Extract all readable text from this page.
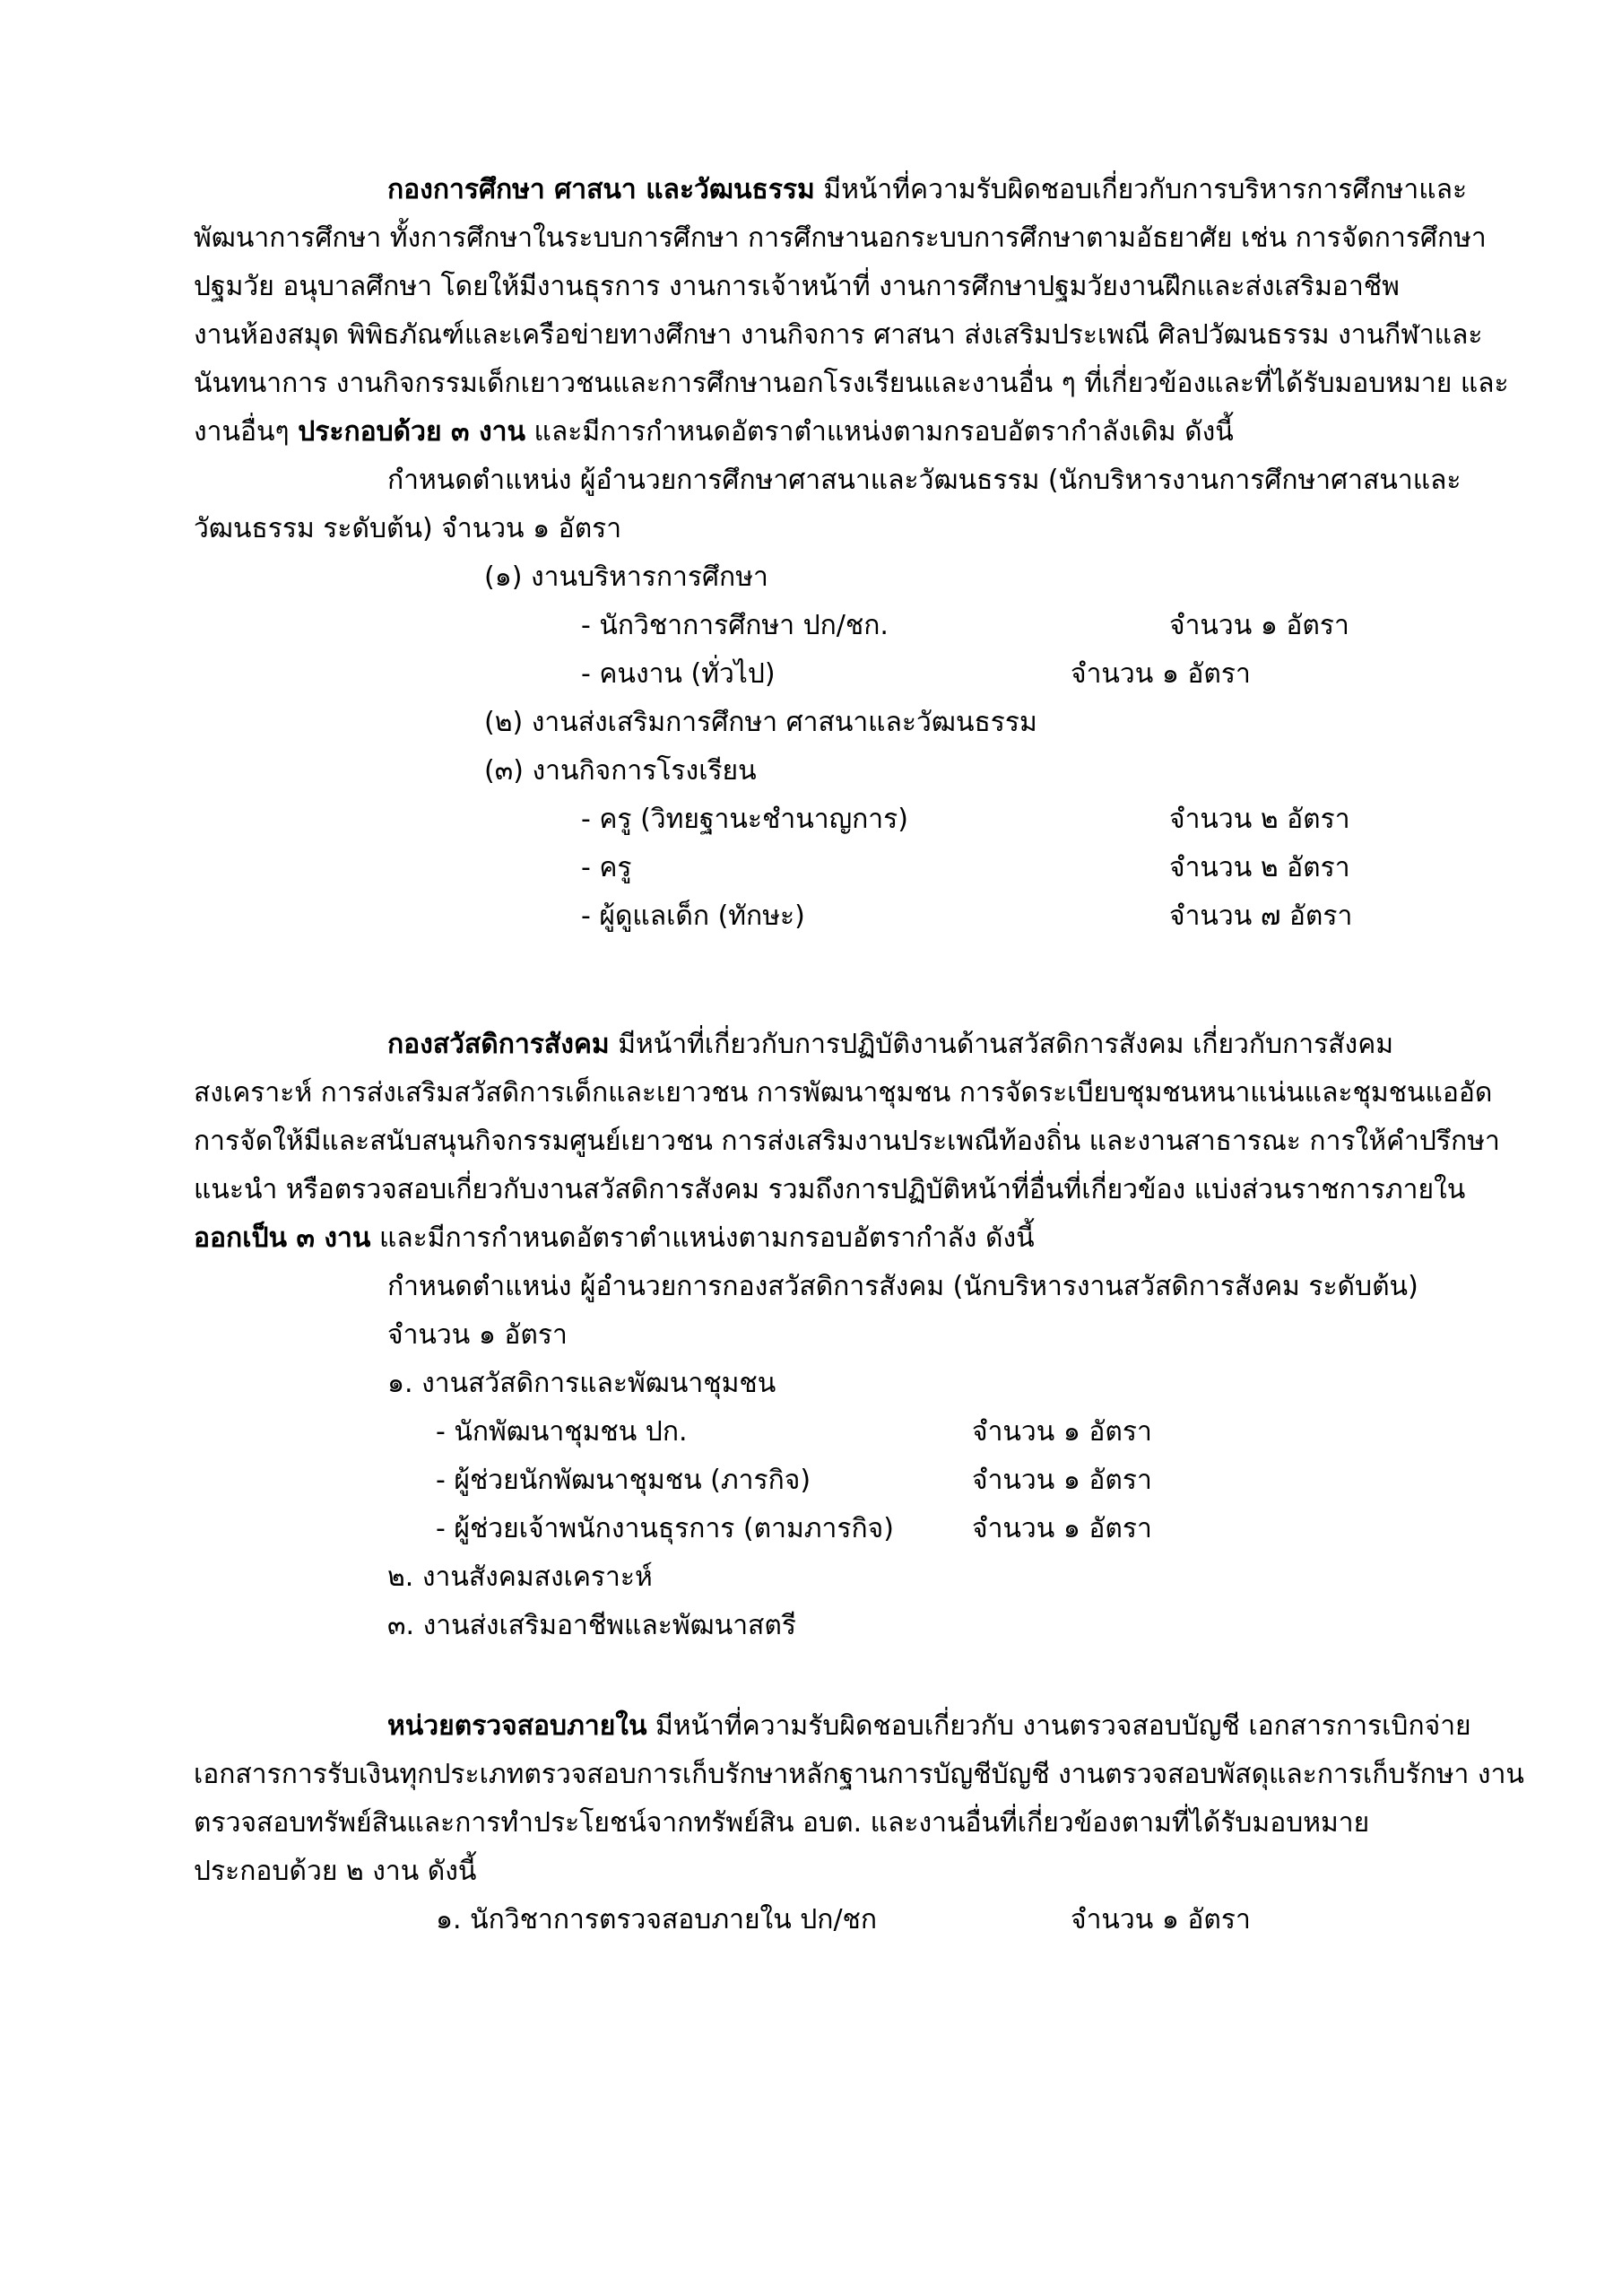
กองการศึกษา ศาสนา และวัฒนธรรม มีหน้าที่ความรับผิดชอบเกี่ยวกับการบริหารการศึกษาและ
พัฒนาการศึกษา ทั้งการศึกษาในระบบการศึกษา การศึกษานอกระบบการศึกษาตามอัธยาศัย เช่น การจัดการศึกษา
ปฐมวัย อนุบาลศึกษา โดยให้มีงานธุรการ งานการเจ้าหน้าที่ งานการศึกษาปฐมวัยงานฝึกและส่งเสริมอาชีพ
งานห้องสมุด พิพิธภัณฑ์และเครือข่ายทางศึกษา งานกิจการ ศาสนา ส่งเสริมประเพณี ศิลปวัฒนธรรม งานกีฬาและ
นันทนาการ งานกิจกรรมเด็กเยาวชนและการศึกษานอกโรงเรียนและงานอื่น ๆ ที่เกี่ยวข้องและที่ได้รับมอบหมาย และ
งานอื่นๆ ประกอบด้วย ๓ งาน และมีการกำหนดอัตราตำแหน่งตามกรอบอัตรากำลังเดิม ดังนี้
กำหนดตำแหน่ง ผู้อำนวยการศึกษาศาสนาและวัฒนธรรม (นักบริหารงานการศึกษาศาสนาและ
วัฒนธรรม ระดับต้น) จำนวน ๑ อัตรา
(๑) งานบริหารการศึกษา
- นักวิชาการศึกษา ปก/ชก.	จำนวน ๑ อัตรา
- คนงาน (ทั่วไป)	จำนวน ๑ อัตรา
(๒) งานส่งเสริมการศึกษา ศาสนาและวัฒนธรรม
(๓) งานกิจการโรงเรียน
- ครู (วิทยฐานะชำนาญการ)	จำนวน ๒ อัตรา
- ครู	จำนวน ๒ อัตรา
- ผู้ดูแลเด็ก (ทักษะ)	จำนวน ๗ อัตรา
กองสวัสดิการสังคม มีหน้าที่เกี่ยวกับการปฏิบัติงานด้านสวัสดิการสังคม เกี่ยวกับการสังคม
สงเคราะห์ การส่งเสริมสวัสดิการเด็กและเยาวชน การพัฒนาชุมชน การจัดระเบียบชุมชนหนาแน่นและชุมชนแออัด
การจัดให้มีและสนับสนุนกิจกรรมศูนย์เยาวชน การส่งเสริมงานประเพณีท้องถิ่น และงานสาธารณะ การให้คำปรึกษา
แนะนำ หรือตรวจสอบเกี่ยวกับงานสวัสดิการสังคม รวมถึงการปฏิบัติหน้าที่อื่นที่เกี่ยวข้อง แบ่งส่วนราชการภายใน
ออกเป็น ๓ งาน และมีการกำหนดอัตราตำแหน่งตามกรอบอัตรากำลัง ดังนี้
กำหนดตำแหน่ง ผู้อำนวยการกองสวัสดิการสังคม (นักบริหารงานสวัสดิการสังคม ระดับต้น)
จำนวน ๑ อัตรา
๑. งานสวัสดิการและพัฒนาชุมชน
- นักพัฒนาชุมชน ปก.	จำนวน ๑ อัตรา
- ผู้ช่วยนักพัฒนาชุมชน (ภารกิจ)	จำนวน ๑ อัตรา
- ผู้ช่วยเจ้าพนักงานธุรการ (ตามภารกิจ)	จำนวน ๑ อัตรา
๒. งานสังคมสงเคราะห์
๓. งานส่งเสริมอาชีพและพัฒนาสตรี
หน่วยตรวจสอบภายใน มีหน้าที่ความรับผิดชอบเกี่ยวกับ งานตรวจสอบบัญชี เอกสารการเบิกจ่าย
เอกสารการรับเงินทุกประเภทตรวจสอบการเก็บรักษาหลักฐานการบัญชีบัญชี งานตรวจสอบพัสดุและการเก็บรักษา งาน
ตรวจสอบทรัพย์สินและการทำประโยชน์จากทรัพย์สิน อบต. และงานอื่นที่เกี่ยวข้องตามที่ได้รับมอบหมาย
ประกอบด้วย ๒ งาน ดังนี้
๑. นักวิชาการตรวจสอบภายใน ปก/ชก	จำนวน ๑ อัตรา
